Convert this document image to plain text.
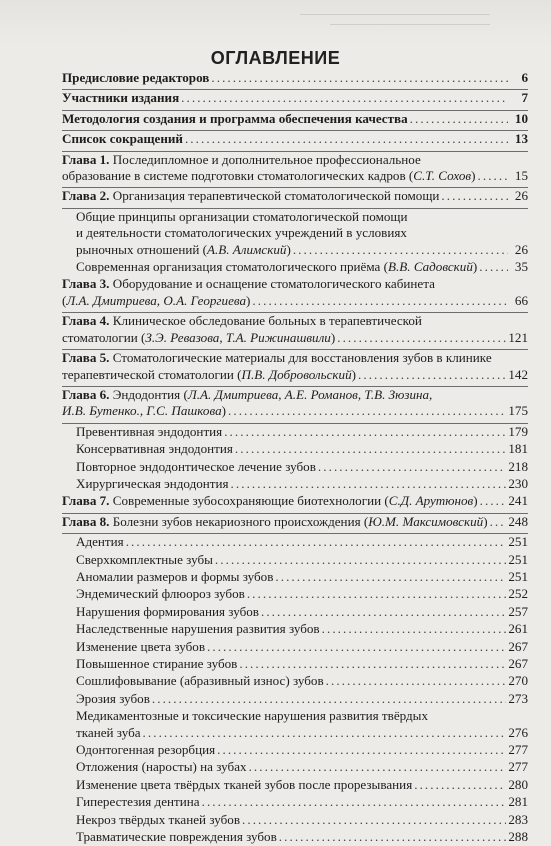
ОГЛАВЛЕНИЕ
Предисловие редакторов . . .	6
Участники издания . . .	7
Методология создания и программа обеспечения качества . . .	10
Список сокращений . . .	13
Глава 1. Последипломное и дополнительное профессиональное
образование в системе подготовки стоматологических кадров (С.Т. Сохов) . . .	15
Глава 2. Организация терапевтической стоматологической помощи . . .	26
Общие принципы организации стоматологической помощи
и деятельности стоматологических учреждений в условиях
рыночных отношений (А.В. Алимский) . . .	26
Современная организация стоматологического приёма (В.В. Садовский) . . .	35
Глава 3. Оборудование и оснащение стоматологического кабинета
(Л.А. Дмитриева, О.А. Георгиева) . . .	66
Глава 4. Клиническое обследование больных в терапевтической
стоматологии (З.Э. Ревазова, Т.А. Рижинашвили) . . .	121
Глава 5. Стоматологические материалы для восстановления зубов в клинике
терапевтической стоматологии (П.В. Добровольский) . . .	142
Глава 6. Эндодонтия (Л.А. Дмитриева, А.Е. Романов, Т.В. Зюзина,
И.В. Бутенко., Г.С. Пашкова) . . .	175
Превентивная эндодонтия . . .	179
Консервативная эндодонтия . . .	181
Повторное эндодонтическое лечение зубов . . .	218
Хирургическая эндодонтия . . .	230
Глава 7. Современные зубосохраняющие биотехнологии (С.Д. Арутюнов) . . . 241
Глава 8. Болезни зубов некариозного происхождения (Ю.М. Максимовский) . . . 248
Адентия . . .	251
Сверхкомплектные зубы . . .	251
Аномалии размеров и формы зубов . . .	251
Эндемический флюороз зубов . . .	252
Нарушения формирования зубов . . .	257
Наследственные нарушения развития зубов . . .	261
Изменение цвета зубов . . .	267
Повышенное стирание зубов . . .	267
Сошлифовывание (абразивный износ) зубов . . .	270
Эрозия зубов . . .	273
Медикаментозные и токсические нарушения развития твёрдых
тканей зуба . . .	276
Одонтогенная резорбция . . .	277
Отложения (наросты) на зубах . . .	277
Изменение цвета твёрдых тканей зубов после прорезывания . . .	280
Гиперестезия дентина . . .	281
Некроз твёрдых тканей зубов . . .	283
Травматические повреждения зубов . . .	288
